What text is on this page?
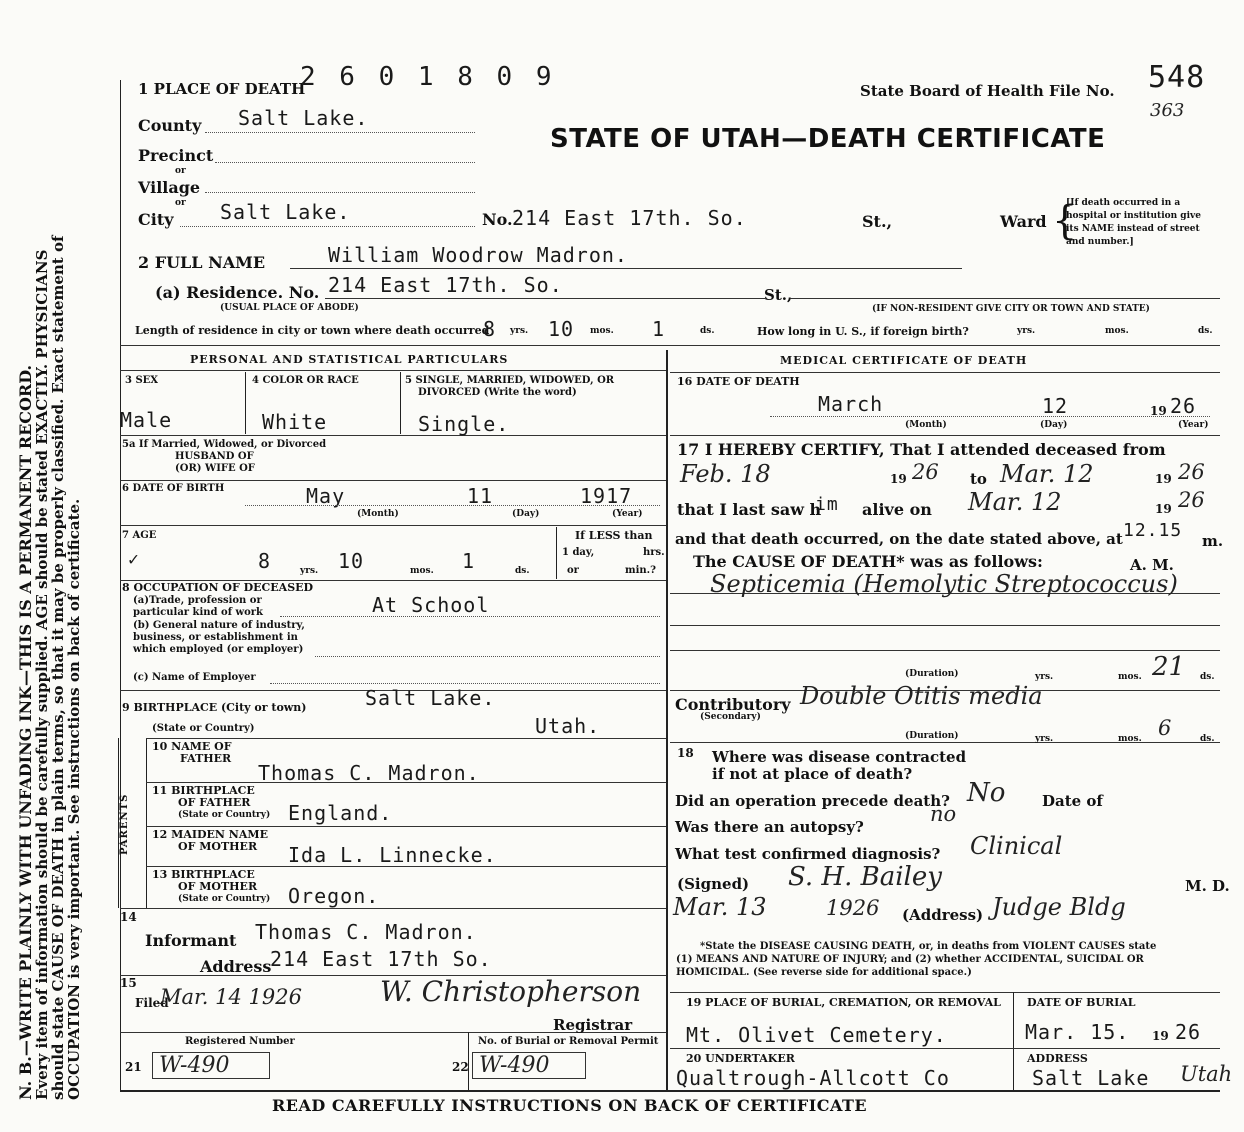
N. B.—WRITE PLAINLY WITH UNFADING INK—THIS IS A PERMANENT RECORD.
Every item of information should be carefully supplied. AGE should be stated EXACTLY. PHYSICIANS
should state CAUSE OF DEATH in plain terms, so that it may be properly classified. Exact statement of
OCCUPATION is very important. See instructions on back of certificate.
1 PLACE OF DEATH
2 6 0 1 8 0 9	State Board of Health File No. 548
363
STATE OF UTAH—DEATH CERTIFICATE
County Salt Lake.
Precinct
or
Village
or
City Salt Lake.	No. 214 East 17th. So.	St.,	Ward {
[If death occurred in a
hospital or institution give
its NAME instead of street
and number.]
2 FULL NAME	William Woodrow Madron.
(a) Residence. No. 214 East 17th. So.	St.,
(USUAL PLACE OF ABODE)	(IF NON-RESIDENT GIVE CITY OR TOWN AND STATE)
Length of residence in city or town where death occurred
8 yrs. 10 mos. 1	ds.	How long in U. S., if foreign birth?	yrs.	mos.	ds.
PERSONAL AND STATISTICAL PARTICULARS
3 SEX
Male
4 COLOR OR RACE
White
5 SINGLE, MARRIED, WIDOWED, OR
DIVORCED (Write the word)
Single.
5a If Married, Widowed, or Divorced
HUSBAND OF
(OR) WIFE OF
6 DATE OF BIRTH	May	11	1917
(Month)	(Day)	(Year)
7 AGE
✓	8	yrs. 10	mos. 1	ds.
If LESS than
1 day,	hrs.
or	min.?
8 OCCUPATION OF DECEASED
(a)Trade, profession or
particular kind of work	At School
(b) General nature of industry,
business, or establishment in
which employed (or employer)
(c) Name of Employer
9 BIRTHPLACE (City or town)	Salt Lake.
(State or Country)	Utah.
PARENTS
10 NAME OF
FATHER
Thomas C. Madron.
11 BIRTHPLACE
OF FATHER
(State or Country) England.
12 MAIDEN NAME
OF MOTHER Ida L. Linnecke.
13 BIRTHPLACE
OF MOTHER
(State or Country) Oregon.
14
Informant Thomas C. Madron.
Address
214 East 17th So.
15
Filed
Mar. 14 1926	W. Christopherson
Registrar
Registered Number
21 W-490
No. of Burial or Removal Permit
22 W-490
MEDICAL CERTIFICATE OF DEATH
16 DATE OF DEATH
March	12	19 26
(Month)	(Day)	(Year)
17 I HEREBY CERTIFY, That I attended deceased from
Feb. 18	19 26 to Mar. 12	19 26
that I last saw h
im alive on Mar. 12	19 26
and that death occurred, on the date stated above, at 12.15 m.
The CAUSE OF DEATH* was as follows:	A. M.
Septicemia (Hemolytic Streptococcus)
(Duration)	yrs.	mos. 21 ds.
Contributory
(Secondary)
Double Otitis media
(Duration)	yrs.	mos. 6	ds.
18 Where was disease contracted
if not at place of death?
Did an operation precede death? No Date of
Was there an autopsy?
no
What test confirmed diagnosis? Clinical
(Signed) S. H. Bailey	M. D.
Mar. 13	1926 (Address) Judge Bldg
*State the DISEASE CAUSING DEATH, or, in deaths from VIOLENT CAUSES state
(1) MEANS AND NATURE OF INJURY; and (2) whether ACCIDENTAL, SUICIDAL OR
HOMICIDAL. (See reverse side for additional space.)
19 PLACE OF BURIAL, CREMATION, OR REMOVAL
Mt. Olivet Cemetery.
DATE OF BURIAL
Mar. 15. 19 26
20 UNDERTAKER
Qualtrough-Allcott Co
ADDRESS
Salt Lake Utah
READ CAREFULLY INSTRUCTIONS ON BACK OF CERTIFICATE
